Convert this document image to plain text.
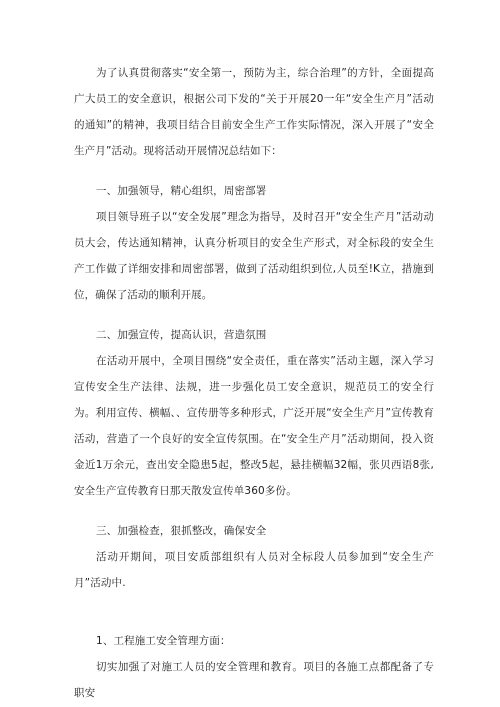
为了认真贯彻落实“安全第一，预防为主，综合治理”的方针，全面提高广大员工的安全意识，根据公司下发的“关于开展20一年“安全生产月”活动的通知”的精神，我项目结合目前安全生产工作实际情况，深入开展了“安全生产月”活动。现将活动开展情况总结如下：

一、加强领导，精心组织，周密部署

项目领导班子以“安全发展”理念为指导，及时召开“安全生产月”活动动员大会，传达通知精神，认真分析项目的安全生产形式，对全标段的安全生产工作做了详细安排和周密部署，做到了活动组织到位,人员至!K立，措施到位，确保了活动的顺利开展。

二、加强宣传，提高认识，营造氛围

在活动开展中，全项目围绕“安全责任，重在落实”活动主题，深入学习宣传安全生产法律、法规，进一步强化员工安全意识，规范员工的安全行为。利用宣传、横幅、、宣传册等多种形式，广泛开展“安全生产月”宣传教育活动，营造了一个良好的安全宣传氛围。在“安全生产月”活动期间，投入资金近1万余元，查出安全隐患5起，整改5起，悬挂横幅32幅，张贝西语8张,安全生产宣传教育日那天散发宣传单360多份。

三、加强检查，狠抓整改，确保安全

活动开期间，项目安质部组织有人员对全标段人员参加到“安全生产月”活动中.

1、工程施工安全管理方面：

切实加强了对施工人员的安全管理和教育。项目的各施工点都配备了专职安
